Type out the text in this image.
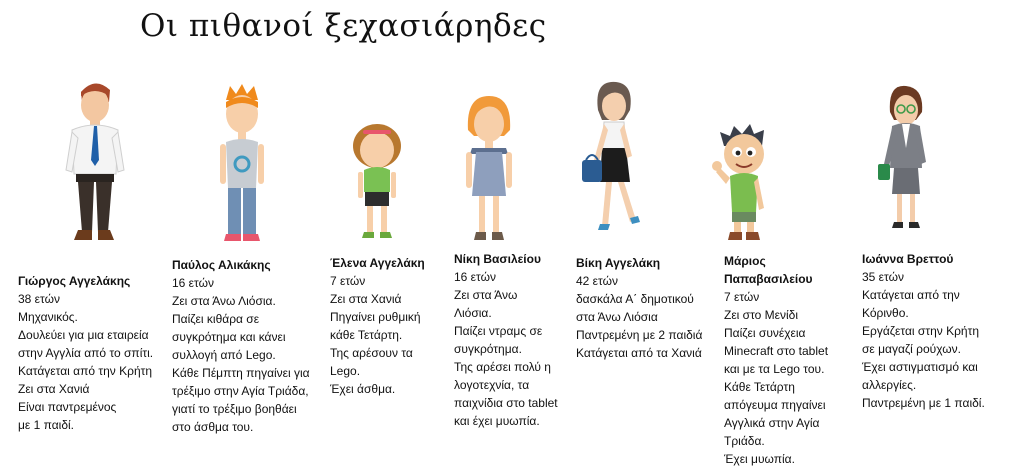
Οι πιθανοί ξεχασιάρηδες
Γιώργος Αγγελάκης
38 ετών
Μηχανικός.
Δουλεύει για μια εταιρεία
στην Αγγλία από το σπίτι.
Κατάγεται από την Κρήτη
Ζει στα Χανιά
Είναι παντρεμένος
με 1 παιδί.
Παύλος Αλικάκης
16 ετών
Ζει στα Άνω Λιόσια.
Παίζει κιθάρα σε
συγκρότημα και κάνει
συλλογή από Lego.
Κάθε Πέμπτη πηγαίνει για
τρέξιμο στην Αγία Τριάδα,
γιατί το τρέξιμο βοηθάει
στο άσθμα του.
Έλενα Αγγελάκη
7 ετών
Ζει στα Χανιά
Πηγαίνει ρυθμική
κάθε Τετάρτη.
Της αρέσουν τα
Lego.
Έχει άσθμα.
Νίκη Βασιλείου
16 ετών
Ζει στα Άνω
Λιόσια.
Παίζει ντραμς σε
συγκρότημα.
Της αρέσει πολύ η
λογοτεχνία, τα
παιχνίδια στο tablet
και έχει μυωπία.
Βίκη Αγγελάκη
42 ετών
δασκάλα Α΄ δημοτικού
στα Άνω Λιόσια
Παντρεμένη με 2 παιδιά
Κατάγεται από τα Χανιά
Μάριος Παπαβασιλείου
7 ετών
Ζει στο Μενίδι
Παίζει συνέχεια
Minecraft στο tablet
και με τα Lego του.
Κάθε Τετάρτη
απόγευμα πηγαίνει
Αγγλικά στην Αγία
Τριάδα.
Έχει μυωπία.
Ιωάννα Βρεττού
35 ετών
Κατάγεται από την
Κόρινθο.
Εργάζεται στην Κρήτη
σε μαγαζί ρούχων.
Έχει αστιγματισμό και
αλλεργίες.
Παντρεμένη με 1 παιδί.
